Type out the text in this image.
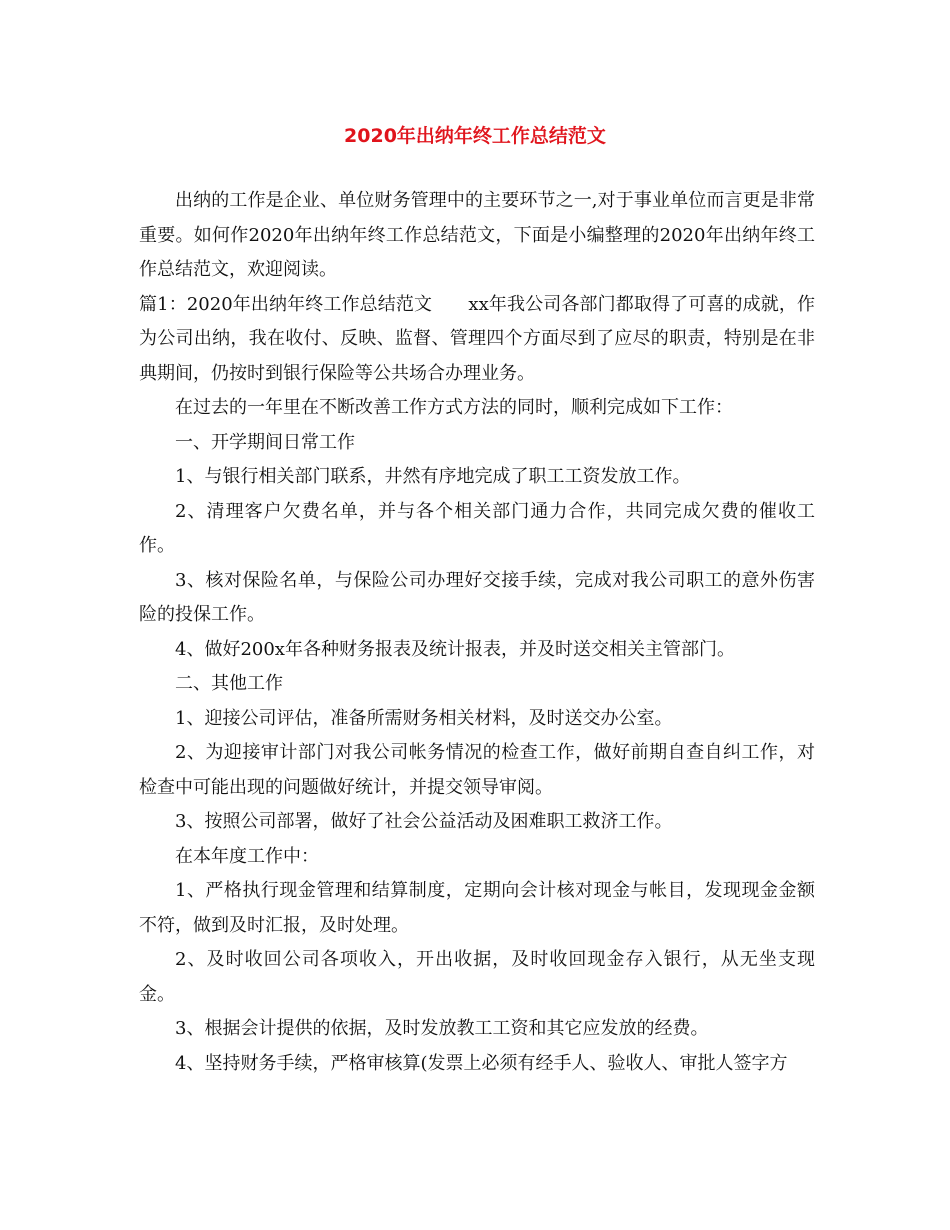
2020年出纳年终工作总结范文

出纳的工作是企业、单位财务管理中的主要环节之一,对于事业单位而言更是非常重要。如何作2020年出纳年终工作总结范文，下面是小编整理的2020年出纳年终工作总结范文，欢迎阅读。

篇1：2020年出纳年终工作总结范文　　xx年我公司各部门都取得了可喜的成就，作为公司出纳，我在收付、反映、监督、管理四个方面尽到了应尽的职责，特别是在非典期间，仍按时到银行保险等公共场合办理业务。

在过去的一年里在不断改善工作方式方法的同时，顺利完成如下工作：

一、开学期间日常工作

1、与银行相关部门联系，井然有序地完成了职工工资发放工作。

2、清理客户欠费名单，并与各个相关部门通力合作，共同完成欠费的催收工作。

3、核对保险名单，与保险公司办理好交接手续，完成对我公司职工的意外伤害险的投保工作。

4、做好200x年各种财务报表及统计报表，并及时送交相关主管部门。

二、其他工作

1、迎接公司评估，准备所需财务相关材料，及时送交办公室。

2、为迎接审计部门对我公司帐务情况的检查工作，做好前期自查自纠工作，对检查中可能出现的问题做好统计，并提交领导审阅。

3、按照公司部署，做好了社会公益活动及困难职工救济工作。

在本年度工作中：

1、严格执行现金管理和结算制度，定期向会计核对现金与帐目，发现现金金额不符，做到及时汇报，及时处理。

2、及时收回公司各项收入，开出收据，及时收回现金存入银行，从无坐支现金。

3、根据会计提供的依据，及时发放教工工资和其它应发放的经费。

4、坚持财务手续，严格审核算(发票上必须有经手人、验收人、审批人签字方
